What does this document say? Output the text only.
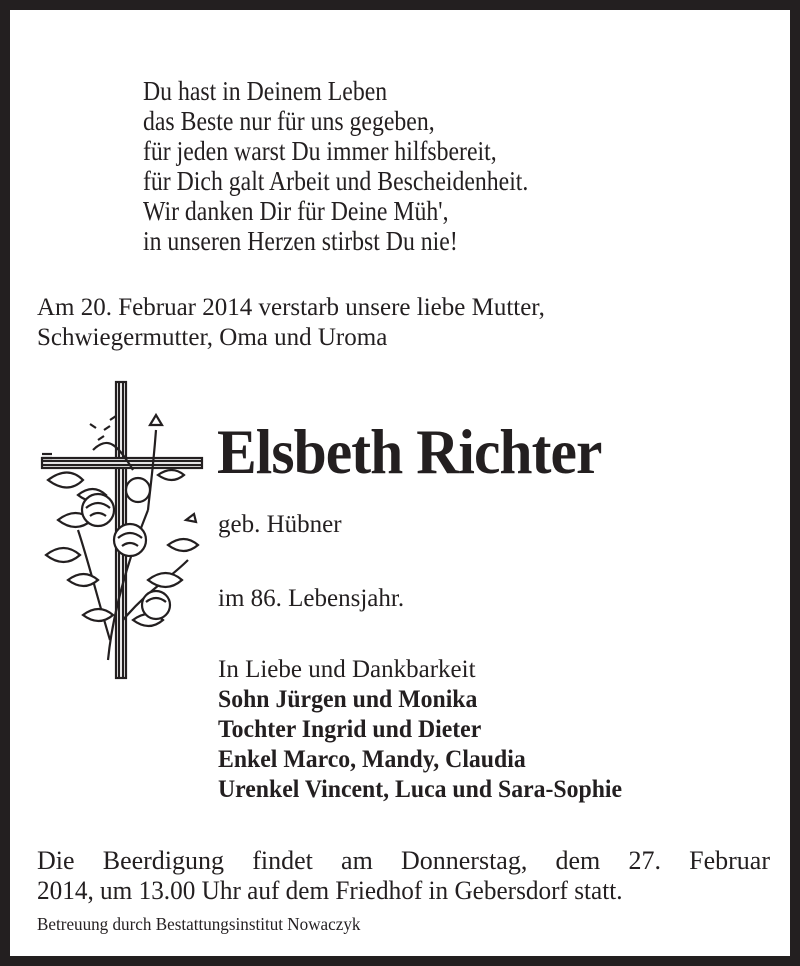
Du hast in Deinem Leben
das Beste nur für uns gegeben,
für jeden warst Du immer hilfsbereit,
für Dich galt Arbeit und Bescheidenheit.
Wir danken Dir für Deine Müh',
in unseren Herzen stirbst Du nie!
Am 20. Februar 2014 verstarb unsere liebe Mutter,
Schwiegermutter, Oma und Uroma
Elsbeth Richter
geb. Hübner
im 86. Lebensjahr.
In Liebe und Dankbarkeit
Sohn Jürgen und Monika
Tochter Ingrid und Dieter
Enkel Marco, Mandy, Claudia
Urenkel Vincent, Luca und Sara-Sophie
Die Beerdigung findet am Donnerstag, dem 27. Februar
2014, um 13.00 Uhr auf dem Friedhof in Gebersdorf statt.
Betreuung durch Bestattungsinstitut Nowaczyk
